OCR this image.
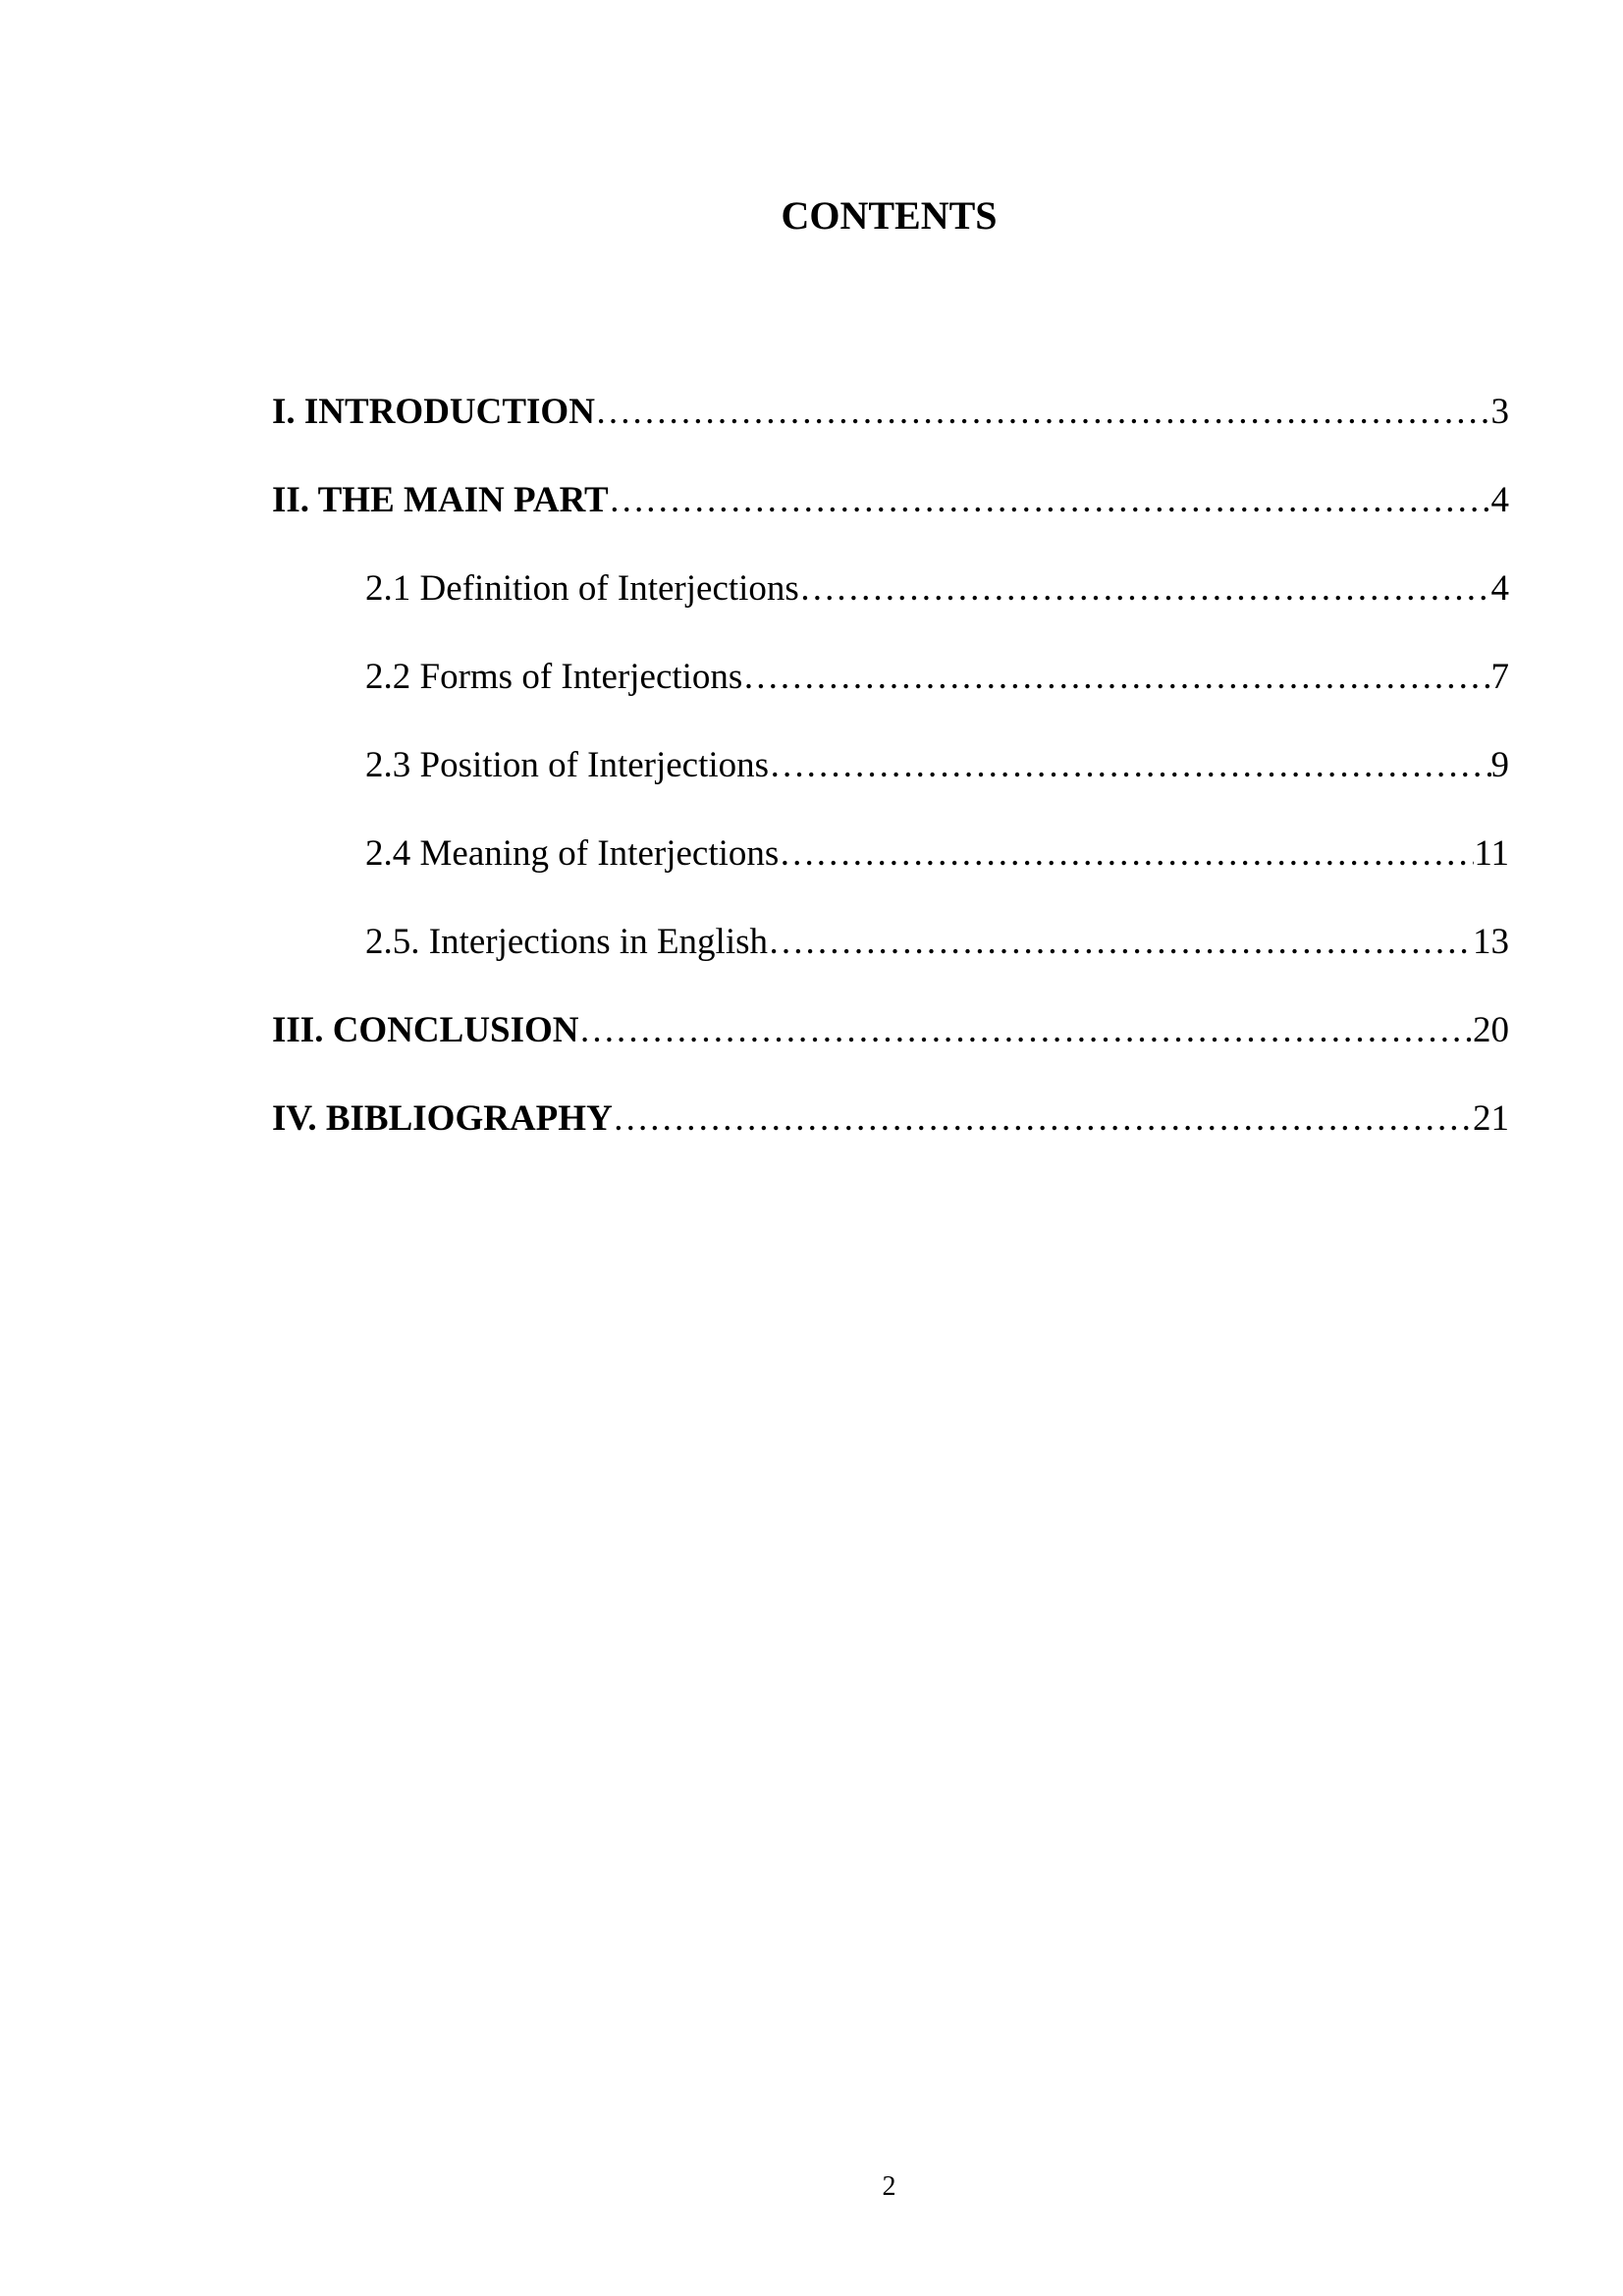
CONTENTS
I. INTRODUCTION ……………………………………………………………………………………………………………………………………………………………………………	3
II. THE MAIN PART ……………………………………………………………………………………………………………………………………………………………………………	4
2.1 Definition of Interjections ……………………………………………………………………………………………………………………………………………………………………………	4
2.2 Forms of Interjections ……………………………………………………………………………………………………………………………………………………………………………	7
2.3 Position of Interjections ……………………………………………………………………………………………………………………………………………………………………………	9
2.4 Meaning of Interjections ……………………………………………………………………………………………………………………………………………………………………………	11
2.5. Interjections in English ……………………………………………………………………………………………………………………………………………………………………………	13
III. CONCLUSION ……………………………………………………………………………………………………………………………………………………………………………	20
IV. BIBLIOGRAPHY ……………………………………………………………………………………………………………………………………………………………………………	21
2
